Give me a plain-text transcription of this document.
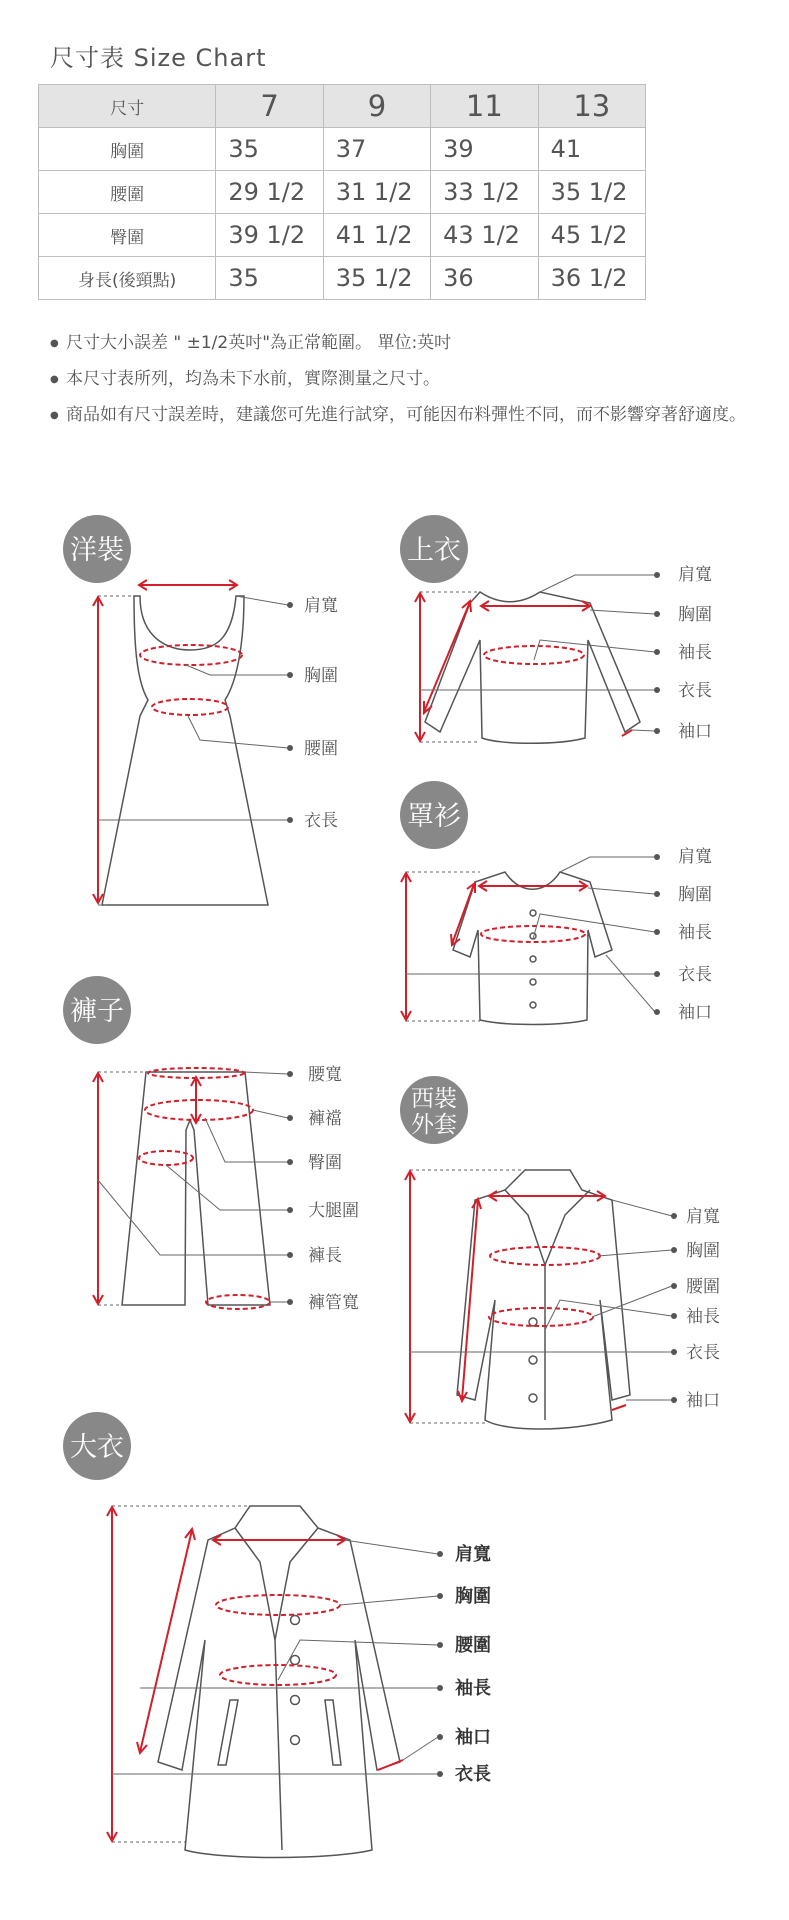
尺寸表 Size Chart
尺寸	7	9	11	13
胸圍	35	37	39	41
腰圍	29 1/2	31 1/2	33 1/2	35 1/2
臀圍	39 1/2	41 1/2	43 1/2	45 1/2
身長(後頸點)	35	35 1/2	36	36 1/2
● 尺寸大小誤差 " ±1/2英吋"為正常範圍。 單位:英吋
● 本尺寸表所列，均為未下水前，實際測量之尺寸。
● 商品如有尺寸誤差時，建議您可先進行試穿，可能因布料彈性不同，而不影響穿著舒適度。
洋裝
肩寬
胸圍
腰圍
衣長
上衣
肩寬
胸圍
袖長
衣長
袖口
罩衫
肩寬
胸圍
袖長
衣長
袖口
褲子
腰寬
褲襠
臀圍
大腿圍
褲長
褲管寬
西裝
外套
肩寬
胸圍
腰圍
袖長
衣長
袖口
大衣
肩寬
胸圍
腰圍
袖長
袖口
衣長
